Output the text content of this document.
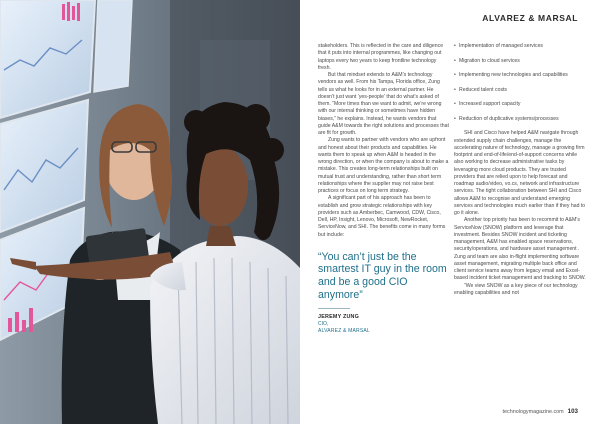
ALVAREZ & MARSAL

stakeholders. This is reflected in the care and diligence that it puts into internal programmes, like changing out laptops every two years to keep frontline technology fresh.

But that mindset extends to A&M’s technology vendors as well. From his Tampa, Florida office, Zung tells us what he looks for in an external partner. He doesn’t just want ‘yes-people’ that do what’s asked of them. “More times than we want to admit, we’re wrong with our internal thinking or sometimes have hidden biases,” he explains. Instead, he wants vendors that guide A&M towards the right solutions and processes that are fit for growth.

Zung wants to partner with vendors who are upfront and honest about their products and capabilities. He wants them to speak up when A&M is headed in the wrong direction, or when the company is about to make a mistake. This creates long-term relationships built on mutual trust and understanding, rather than short term relationships where the supplier may not raise best practices or focus on long term strategy.

A significant part of his approach has been to establish and grow strategic relationships with key providers such as Amberbec, Camwood, CDW, Cisco, Dell, HP, Insight, Lenovo, Microsoft, NewRocket, ServiceNow, and SHI. The benefits come in many forms but include:

“You can’t just be the smartest IT guy in the room and be a good CIO anymore”
JEREMY ZUNG
CIO,
ALVAREZ & MARSAL
• Implementation of managed services
• Migration to cloud services
• Implementing new technologies and capabilities
• Reduced talent costs
• Increased support capacity
• Reduction of duplicative systems/processes

SHI and Cisco have helped A&M navigate through extended supply chain challenges, manage the accelerating nature of technology, manage a growing firm footprint and end-of-life/end-of-support concerns while also working to decrease administrative tasks by leveraging more cloud products. They are trusted providers that are relied upon to help forecast and roadmap audio/video, vo.cs, network and infrastructure services. The tight collaboration between SHI and Cisco allows A&M to recognise and understand emerging services and technologies much earlier than if they had to go it alone.

Another top priority has been to recommit to A&M’s ServiceNow (SNOW) platform and leverage that investment. Besides SNOW incident and ticketing management, A&M has enabled space reservations, security/operations, and hardware asset management . Zung and team are also in-flight implementing software asset management, migrating multiple back office and client service teams away from legacy email and Excel-based incident ticket management and tracking to SNOW.

“We view SNOW as a key piece of our technology enabling capabilities and not

technologymagazine.com 103
